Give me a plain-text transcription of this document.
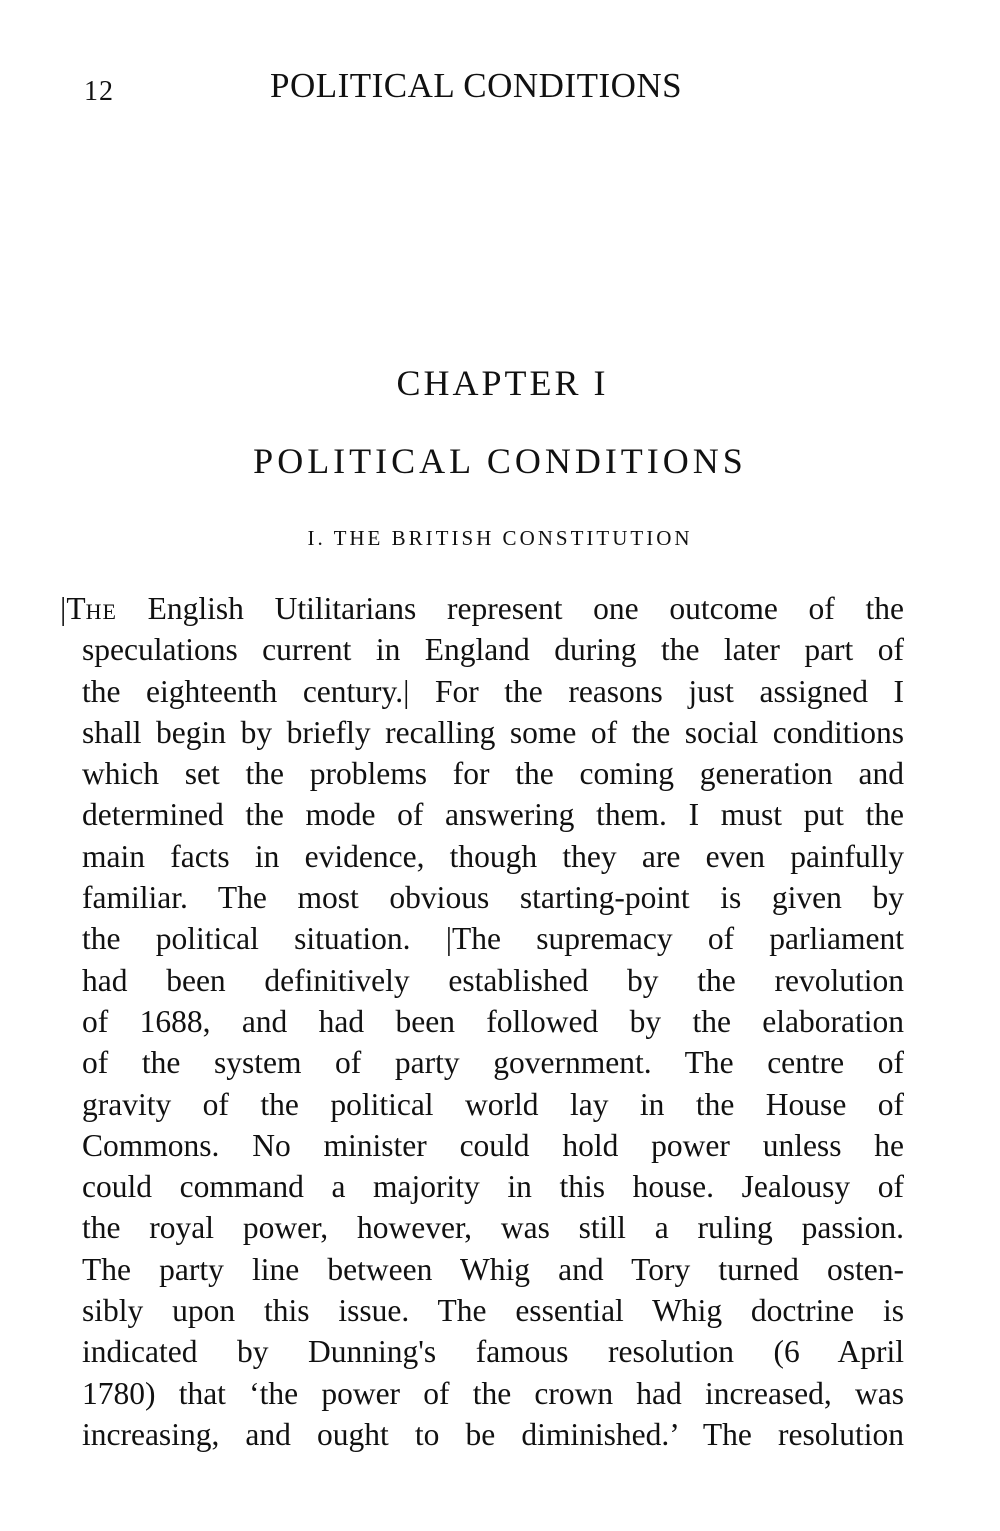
12	POLITICAL CONDITIONS
CHAPTER I
POLITICAL CONDITIONS
I. THE BRITISH CONSTITUTION
|THE English Utilitarians represent one outcome of the
speculations current in England during the later part of
the eighteenth century.| For the reasons just assigned I
shall begin by briefly recalling some of the social conditions
which set the problems for the coming generation and
determined the mode of answering them. I must put the
main facts in evidence, though they are even painfully
familiar. The most obvious starting-point is given by
the political situation. |The supremacy of parliament
had been definitively established by the revolution
of 1688, and had been followed by the elaboration
of the system of party government. The centre of
gravity of the political world lay in the House of
Commons. No minister could hold power unless he
could command a majority in this house. Jealousy of
the royal power, however, was still a ruling passion.
The party line between Whig and Tory turned osten-
sibly upon this issue. The essential Whig doctrine is
indicated by Dunning's famous resolution (6 April
1780) that ‘the power of the crown had increased, was
increasing, and ought to be diminished.’ The resolution
